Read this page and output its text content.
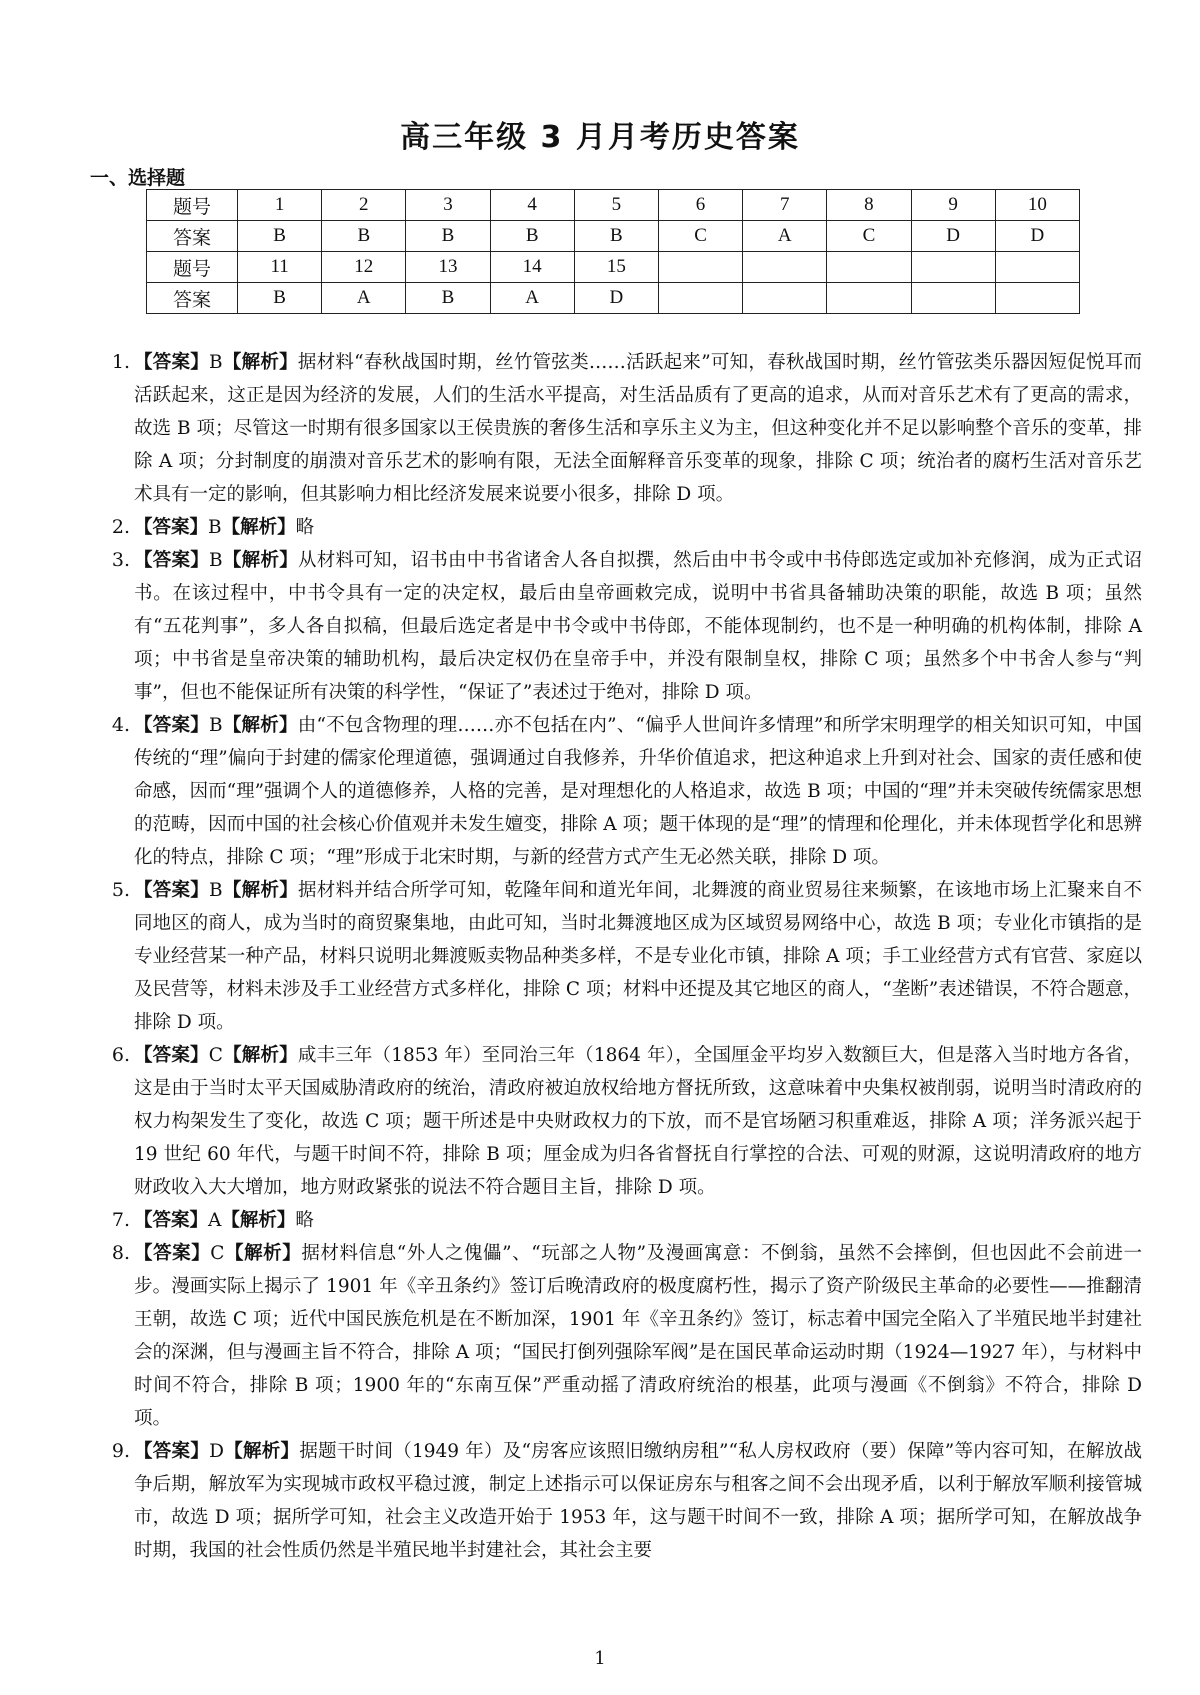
高三年级 3 月月考历史答案
一、选择题
题号	1	2	3	4	5	6	7	8	9	10
答案	B	B	B	B	B	C	A	C	D	D
题号	11	12	13	14	15					
答案	B	A	B	A	D					
1. 【答案】B【解析】据材料“春秋战国时期，丝竹管弦类……活跃起来”可知，春秋战国时期，丝竹管弦类乐器因短促悦耳而活跃起来，这正是因为经济的发展，人们的生活水平提高，对生活品质有了更高的追求，从而对音乐艺术有了更高的需求，故选 B 项；尽管这一时期有很多国家以王侯贵族的奢侈生活和享乐主义为主，但这种变化并不足以影响整个音乐的变革，排除 A 项；分封制度的崩溃对音乐艺术的影响有限，无法全面解释音乐变革的现象，排除 C 项；统治者的腐朽生活对音乐艺术具有一定的影响，但其影响力相比经济发展来说要小很多，排除 D 项。
2. 【答案】B【解析】略
3. 【答案】B【解析】从材料可知，诏书由中书省诸舍人各自拟撰，然后由中书令或中书侍郎选定或加补充修润，成为正式诏书。在该过程中，中书令具有一定的决定权，最后由皇帝画敕完成，说明中书省具备辅助决策的职能，故选 B 项；虽然有“五花判事”，多人各自拟稿，但最后选定者是中书令或中书侍郎，不能体现制约，也不是一种明确的机构体制，排除 A 项；中书省是皇帝决策的辅助机构，最后决定权仍在皇帝手中，并没有限制皇权，排除 C 项；虽然多个中书舍人参与“判事”，但也不能保证所有决策的科学性，“保证了”表述过于绝对，排除 D 项。
4. 【答案】B【解析】由“不包含物理的理……亦不包括在内”、“偏乎人世间许多情理”和所学宋明理学的相关知识可知，中国传统的“理”偏向于封建的儒家伦理道德，强调通过自我修养，升华价值追求，把这种追求上升到对社会、国家的责任感和使命感，因而“理”强调个人的道德修养，人格的完善，是对理想化的人格追求，故选 B 项；中国的“理”并未突破传统儒家思想的范畴，因而中国的社会核心价值观并未发生嬗变，排除 A 项；题干体现的是“理”的情理和伦理化，并未体现哲学化和思辨化的特点，排除 C 项；“理”形成于北宋时期，与新的经营方式产生无必然关联，排除 D 项。
5. 【答案】B【解析】据材料并结合所学可知，乾隆年间和道光年间，北舞渡的商业贸易往来频繁，在该地市场上汇聚来自不同地区的商人，成为当时的商贸聚集地，由此可知，当时北舞渡地区成为区域贸易网络中心，故选 B 项；专业化市镇指的是专业经营某一种产品，材料只说明北舞渡贩卖物品种类多样，不是专业化市镇，排除 A 项；手工业经营方式有官营、家庭以及民营等，材料未涉及手工业经营方式多样化，排除 C 项；材料中还提及其它地区的商人，“垄断”表述错误，不符合题意，排除 D 项。
6. 【答案】C【解析】咸丰三年（1853 年）至同治三年（1864 年），全国厘金平均岁入数额巨大，但是落入当时地方各省，这是由于当时太平天国威胁清政府的统治，清政府被迫放权给地方督抚所致，这意味着中央集权被削弱，说明当时清政府的权力构架发生了变化，故选 C 项；题干所述是中央财政权力的下放，而不是官场陋习积重难返，排除 A 项；洋务派兴起于 19 世纪 60 年代，与题干时间不符，排除 B 项；厘金成为归各省督抚自行掌控的合法、可观的财源，这说明清政府的地方财政收入大大增加，地方财政紧张的说法不符合题目主旨，排除 D 项。
7. 【答案】A【解析】略
8. 【答案】C【解析】据材料信息“外人之傀儡”、“玩部之人物”及漫画寓意：不倒翁，虽然不会摔倒，但也因此不会前进一步。漫画实际上揭示了 1901 年《辛丑条约》签订后晚清政府的极度腐朽性，揭示了资产阶级民主革命的必要性——推翻清王朝，故选 C 项；近代中国民族危机是在不断加深，1901 年《辛丑条约》签订，标志着中国完全陷入了半殖民地半封建社会的深渊，但与漫画主旨不符合，排除 A 项；“国民打倒列强除军阀”是在国民革命运动时期（1924—1927 年），与材料中时间不符合，排除 B 项；1900 年的“东南互保”严重动摇了清政府统治的根基，此项与漫画《不倒翁》不符合，排除 D 项。
9. 【答案】D【解析】据题干时间（1949 年）及“房客应该照旧缴纳房租”“私人房权政府（要）保障”等内容可知，在解放战争后期，解放军为实现城市政权平稳过渡，制定上述指示可以保证房东与租客之间不会出现矛盾，以利于解放军顺利接管城市，故选 D 项；据所学可知，社会主义改造开始于 1953 年，这与题干时间不一致，排除 A 项；据所学可知，在解放战争时期，我国的社会性质仍然是半殖民地半封建社会，其社会主要
1
